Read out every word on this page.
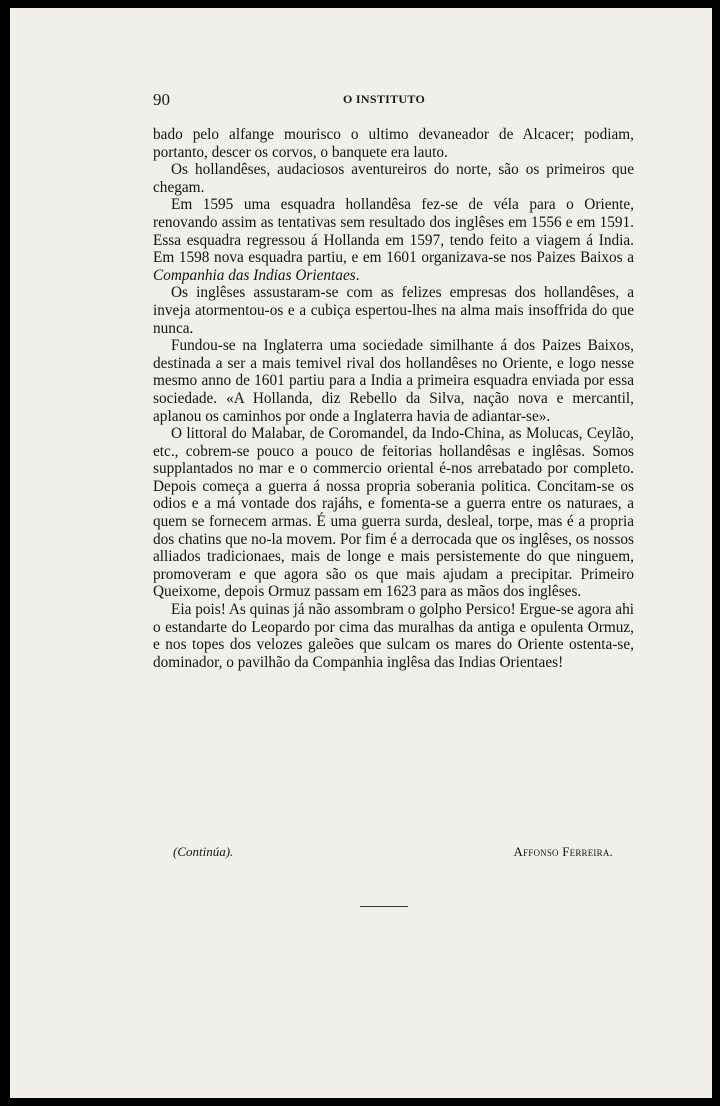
90	O INSTITUTO

bado pelo alfange mourisco o ultimo devaneador de Alcacer; podiam, portanto, descer os corvos, o banquete era lauto.

Os hollandêses, audaciosos aventureiros do norte, são os primeiros que chegam.

Em 1595 uma esquadra hollandêsa fez-se de véla para o Oriente, renovando assim as tentativas sem resultado dos inglêses em 1556 e em 1591. Essa esquadra regressou á Hollanda em 1597, tendo feito a viagem á India. Em 1598 nova esquadra partiu, e em 1601 organizava-se nos Paizes Baixos a Companhia das Indias Orientaes.

Os inglêses assustaram-se com as felizes empresas dos hollandêses, a inveja atormentou-os e a cubiça espertou-lhes na alma mais insoffrida do que nunca.

Fundou-se na Inglaterra uma sociedade similhante á dos Paizes Baixos, destinada a ser a mais temivel rival dos hollandêses no Oriente, e logo nesse mesmo anno de 1601 partiu para a India a primeira esquadra enviada por essa sociedade. «A Hollanda, diz Rebello da Silva, nação nova e mercantil, aplanou os caminhos por onde a Inglaterra havia de adiantar-se».

O littoral do Malabar, de Coromandel, da Indo-China, as Molucas, Ceylão, etc., cobrem-se pouco a pouco de feitorias hollandêsas e inglêsas. Somos supplantados no mar e o commercio oriental é-nos arrebatado por completo. Depois começa a guerra á nossa propria soberania politica. Concitam-se os odios e a má vontade dos rajáhs, e fomenta-se a guerra entre os naturaes, a quem se fornecem armas. É uma guerra surda, desleal, torpe, mas é a propria dos chatins que no-la movem. Por fim é a derrocada que os inglêses, os nossos alliados tradicionaes, mais de longe e mais persistemente do que ninguem, promoveram e que agora são os que mais ajudam a precipitar. Primeiro Queixome, depois Ormuz passam em 1623 para as mãos dos inglêses.

Eia pois! As quinas já não assombram o golpho Persico! Ergue-se agora ahi o estandarte do Leopardo por cima das muralhas da antiga e opulenta Ormuz, e nos topes dos velozes galeões que sulcam os mares do Oriente ostenta-se, dominador, o pavilhão da Companhia inglêsa das Indias Orientaes!

(Continúa).	Affonso Ferreira.
